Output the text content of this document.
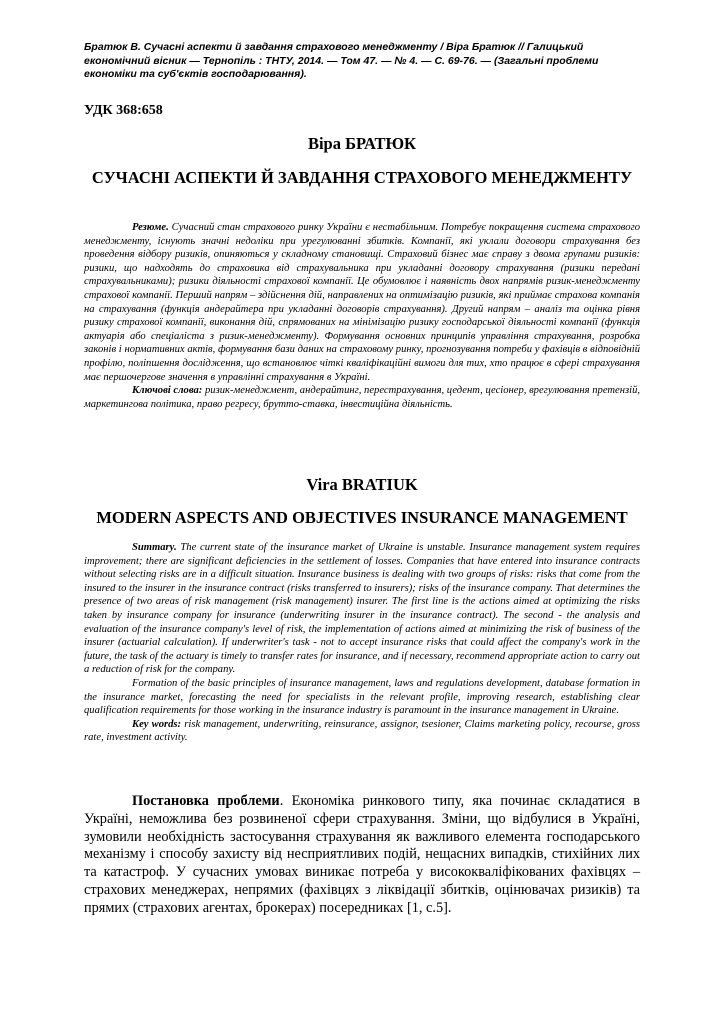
Братюк В. Сучасні аспекти й завдання страхового менеджменту / Віра Братюк // Галицький економічний вісник — Тернопіль : ТНТУ, 2014. — Том 47. — № 4. — С. 69-76. — (Загальні проблеми економіки та суб'єктів господарювання).
УДК 368:658
Віра БРАТЮК
СУЧАСНІ АСПЕКТИ Й ЗАВДАННЯ СТРАХОВОГО МЕНЕДЖМЕНТУ

Резюме. Сучасний стан страхового ринку України є нестабільним. Потребує покращення система страхового менеджменту, існують значні недоліки при урегулюванні збитків. Компанії, які уклали договори страхування без проведення відбору ризиків, опиняються у складному становищі. Страховий бізнес має справу з двома групами ризиків: ризики, що надходять до страховика від страхувальника при укладанні договору страхування (ризики передані страхувальниками); ризики діяльності страхової компанії. Це обумовлює і наявність двох напрямів ризик-менеджменту страхової компанії. Перший напрям – здійснення дій, направлених на оптимізацію ризиків, які приймає страхова компанія на страхування (функція андерайтера при укладанні договорів страхування). Другий напрям – аналіз та оцінка рівня ризику страхової компанії, виконання дій, спрямованих на мінімізацію ризику господарської діяльності компанії (функція актуарія або спеціаліста з ризик-менеджменту). Формування основних принципів управління страхування, розробка законів і нормативних актів, формування бази даних на страховому ринку, прогнозування потреби у фахівців в відповідній профілю, поліпшення дослідження, що встановлює чіткі кваліфікаційні вимоги для тих, хто працює в сфері страхування має першочергове значення в управлінні страхування в Україні.

Ключові слова: ризик-менеджмент, андерайтинг, перестрахування, цедент, цесіонер, врегулювання претензій, маркетингова політика, право регресу, брутто-ставка, інвестиційна діяльність.

Vira BRATIUK
MODERN ASPECTS AND OBJECTIVES INSURANCE MANAGEMENT

Summary. The current state of the insurance market of Ukraine is unstable. Insurance management system requires improvement; there are significant deficiencies in the settlement of losses. Companies that have entered into insurance contracts without selecting risks are in a difficult situation. Insurance business is dealing with two groups of risks: risks that come from the insured to the insurer in the insurance contract (risks transferred to insurers); risks of the insurance company. That determines the presence of two areas of risk management (risk management) insurer. The first line is the actions aimed at optimizing the risks taken by insurance company for insurance (underwriting insurer in the insurance contract). The second - the analysis and evaluation of the insurance company's level of risk, the implementation of actions aimed at minimizing the risk of business of the insurer (actuarial calculation). If underwriter's task - not to accept insurance risks that could affect the company's work in the future, the task of the actuary is timely to transfer rates for insurance, and if necessary, recommend appropriate action to carry out a reduction of risk for the company.

Formation of the basic principles of insurance management, laws and regulations development, database formation in the insurance market, forecasting the need for specialists in the relevant profile, improving research, establishing clear qualification requirements for those working in the insurance industry is paramount in the insurance management in Ukraine.

Key words: risk management, underwriting, reinsurance, assignor, tsesioner, Claims marketing policy, recourse, gross rate, investment activity.

Постановка проблеми. Економіка ринкового типу, яка починає складатися в Україні, неможлива без розвиненої сфери страхування. Зміни, що відбулися в Україні, зумовили необхідність застосування страхування як важливого елемента господарського механізму і способу захисту від несприятливих подій, нещасних випадків, стихійних лих та катастроф. У сучасних умовах виникає потреба у висококваліфікованих фахівцях – страхових менеджерах, непрямих (фахівцях з ліквідації збитків, оцінювачах ризиків) та прямих (страхових агентах, брокерах) посередниках [1, с.5].
